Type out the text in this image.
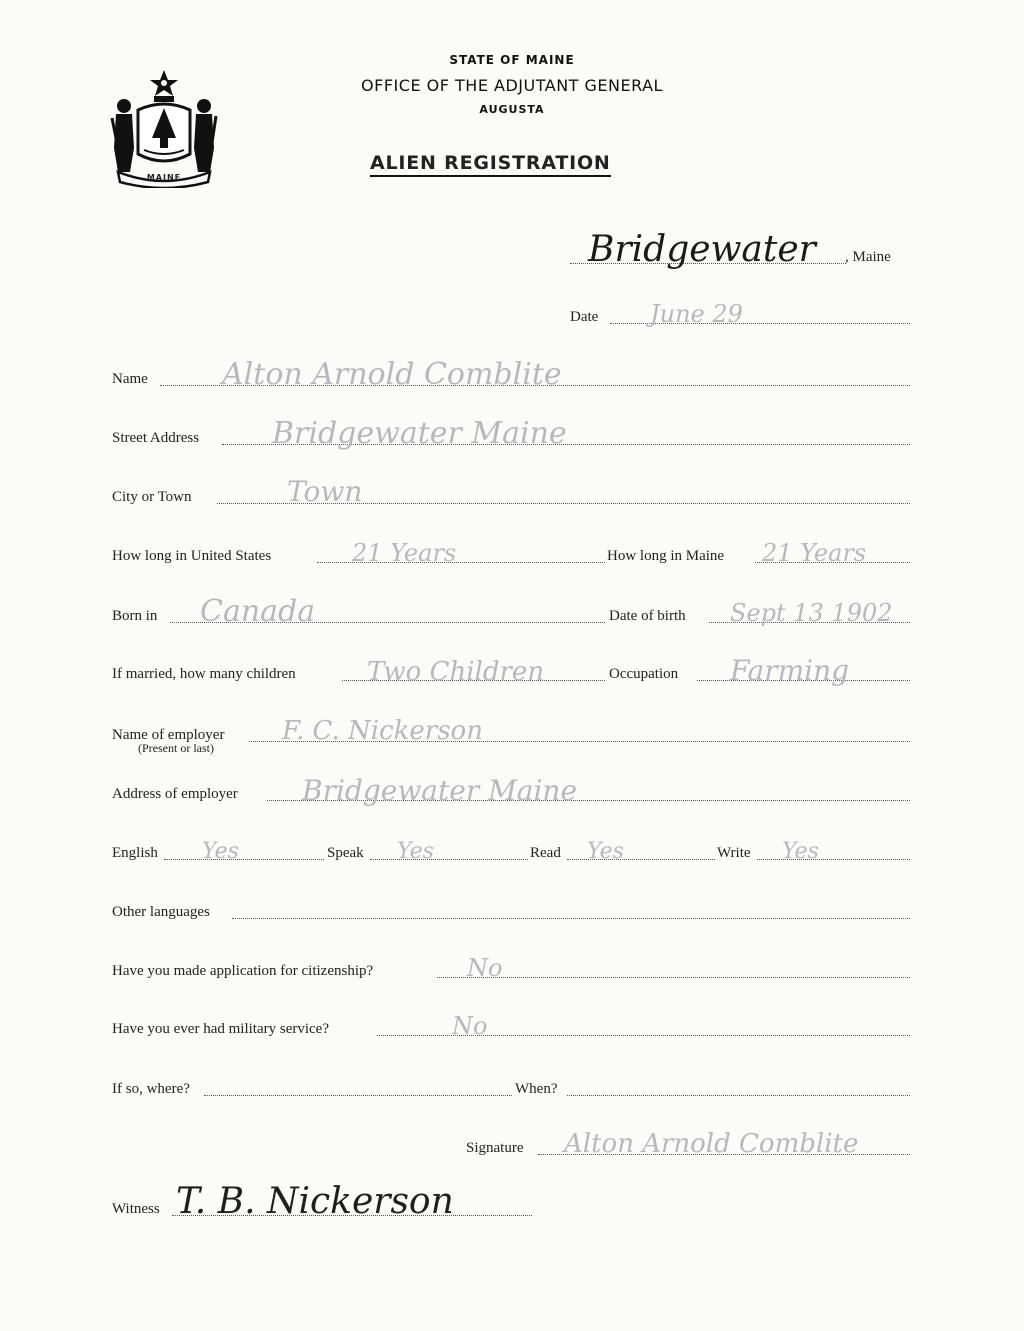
MAINE
STATE OF MAINE
OFFICE OF THE ADJUTANT GENERAL
AUGUSTA
ALIEN REGISTRATION
Bridgewater , Maine
Date June 29
Name Alton Arnold Comblite
Street Address Bridgewater Maine
City or Town	Town
How long in United States	21 Years	How long in Maine 21 Years
Born in Canada	Date of birth Sept 13 1902
If married, how many children	Two Children	Occupation Farming
Name of employer F. C. Nickerson
(Present or last)
Address of employer Bridgewater Maine
English Yes	Speak Yes	Read Yes	Write Yes
Other languages
Have you made application for citizenship?	No
Have you ever had military service?	No
If so, where?	When?
Signature Alton Arnold Comblite
Witness T. B. Nickerson
